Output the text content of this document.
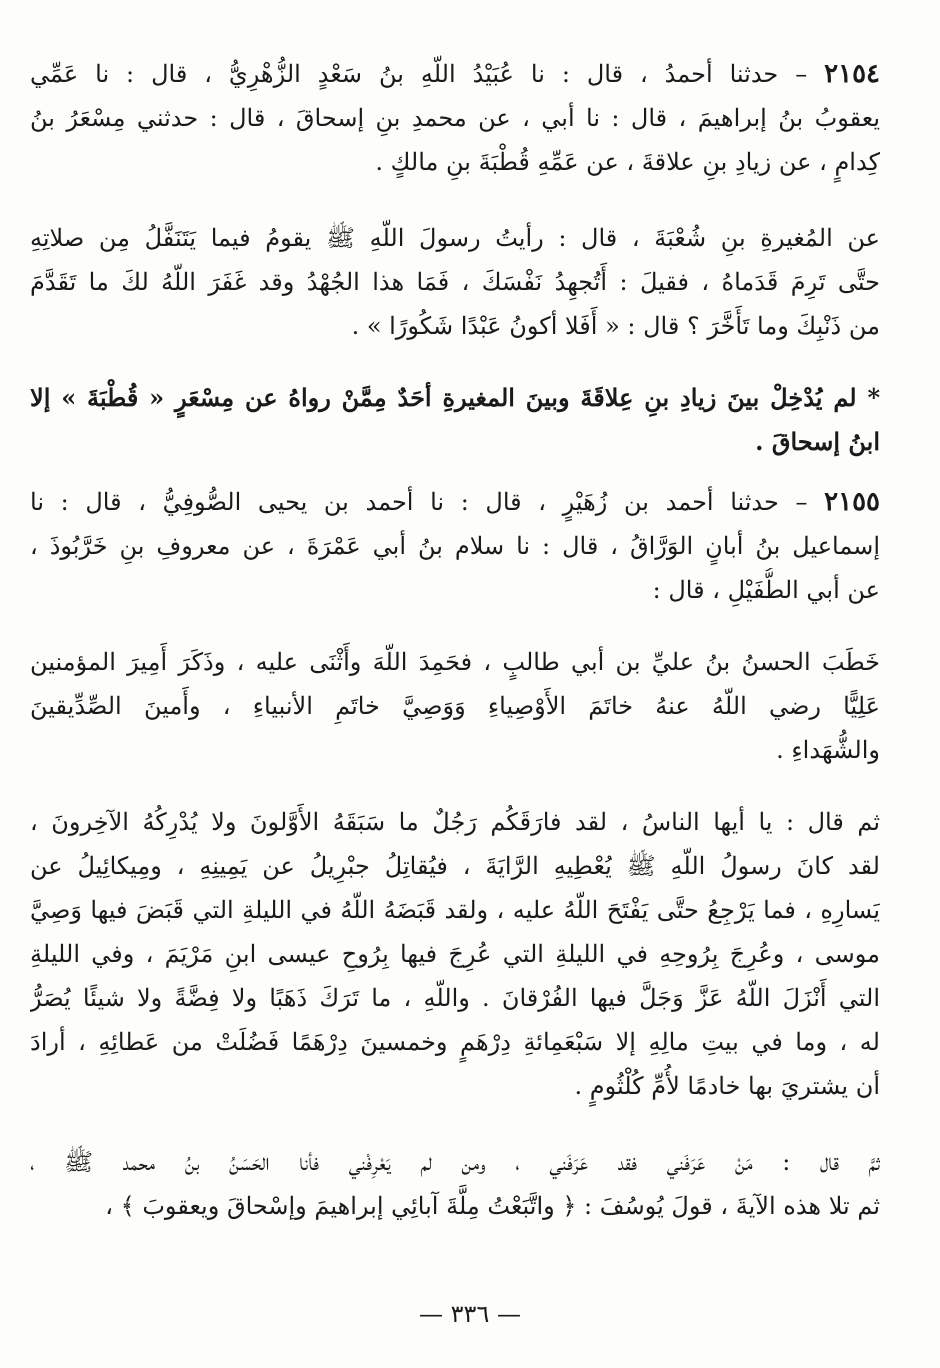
٢١٥٤ – حدثنا أحمدُ ، قال : نا عُبَيْدُ اللّهِ بنُ سَعْدٍ الزُّهْرِيُّ ، قال : نا عَمِّي
يعقوبُ بنُ إبراهيمَ ، قال : نا أبي ، عن محمدِ بنِ إسحاقَ ، قال : حدثني مِسْعَرُ بنُ
كِدامٍ ، عن زيادِ بنِ علاقةَ ، عن عَمِّهِ قُطْبَةَ بنِ مالكٍ .
عن المُغيرةِ بنِ شُعْبَةَ ، قال : رأيتُ رسولَ اللّهِ ﷺ يقومُ فيما يَتَنَفَّلُ مِن صلاتِهِ
حتَّى تَرِمَ قَدَماهُ ، فقيلَ : أَتُجهِدُ نَفْسَكَ ، فَمَا هذا الجُهْدُ وقد غَفَرَ اللّهُ لكَ ما تَقَدَّمَ
من ذَنْبِكَ وما تَأَخَّرَ ؟ قال : « أَفَلا أكونُ عَبْدًا شَكُورًا » .
* لم يُدْخِلْ بينَ زيادِ بنِ عِلاقَةَ وبينَ المغيرةِ أحَدٌ مِمَّنْ رواهُ عن مِسْعَرٍ « قُطْبَةَ » إلا
ابنُ إسحاقَ .
٢١٥٥ – حدثنا أحمد بن زُهَيْرٍ ، قال : نا أحمد بن يحيى الصُّوفِيُّ ، قال : نا
إسماعيل بنُ أبانٍ الوَرَّاقُ ، قال : نا سلام بنُ أبي عَمْرَةَ ، عن معروفِ بنِ خَرَّبُوذَ ،
عن أبي الطُّفَيْلِ ، قال :
خَطَبَ الحسنُ بنُ عليِّ بن أبي طالبٍ ، فحَمِدَ اللّهَ وأَثْنَى عليه ، وذَكَرَ أَمِيرَ المؤمنين
عَلِيًّا رضي اللّهُ عنهُ خاتَمَ الأَوْصِياءِ وَوَصِيَّ خاتَمِ الأنبياءِ ، وأَمينَ الصِّدِّيقينَ
والشُّهَداءِ .
ثم قال : يا أيها الناسُ ، لقد فارَقَكُم رَجُلٌ ما سَبَقَهُ الأَوَّلونَ ولا يُدْرِكُهُ الآخِرونَ ،
لقد كانَ رسولُ اللّهِ ﷺ يُعْطِيهِ الرَّايَةَ ، فيُقاتِلُ جبْرِيلُ عن يَمِينِهِ ، ومِيكائِيلُ عن
يَسارِهِ ، فما يَرْجِعُ حتَّى يَفْتَحَ اللّهُ عليه ، ولقد قَبَضَهُ اللّهُ في الليلةِ التي قَبَضَ فيها وَصِيَّ
موسى ، وعُرِجَ بِرُوحِهِ في الليلةِ التي عُرِجَ فيها بِرُوحِ عيسى ابنِ مَرْيَمَ ، وفي الليلةِ
التي أَنْزَلَ اللّهُ عَزَّ وَجَلَّ فيها الفُرْقانَ . واللّهِ ، ما تَرَكَ ذَهَبًا ولا فِضَّةً ولا شيئًا يُصَرُّ
له ، وما في بيتِ مالِهِ إلا سَبْعَمِائةِ دِرْهَمٍ وخمسينَ دِرْهَمًا فَضُلَتْ من عَطائِهِ ، أرادَ
أن يشتريَ بها خادمًا لأُمِّ كُلْثُومٍ .
ثمَّ قال : مَنْ عَرَفَني فقد عَرَفَني ، ومن لم يَعْرِفْني فأنا الحَسَنُ بنُ محمد ﷺ ،
ثم تلا هذه الآيةَ ، قولَ يُوسُفَ : ﴿ واتَّبَعْتُ مِلَّةَ آبائِي إبراهيمَ وإسْحاقَ ويعقوبَ ﴾ ،
— ٣٣٦ —
